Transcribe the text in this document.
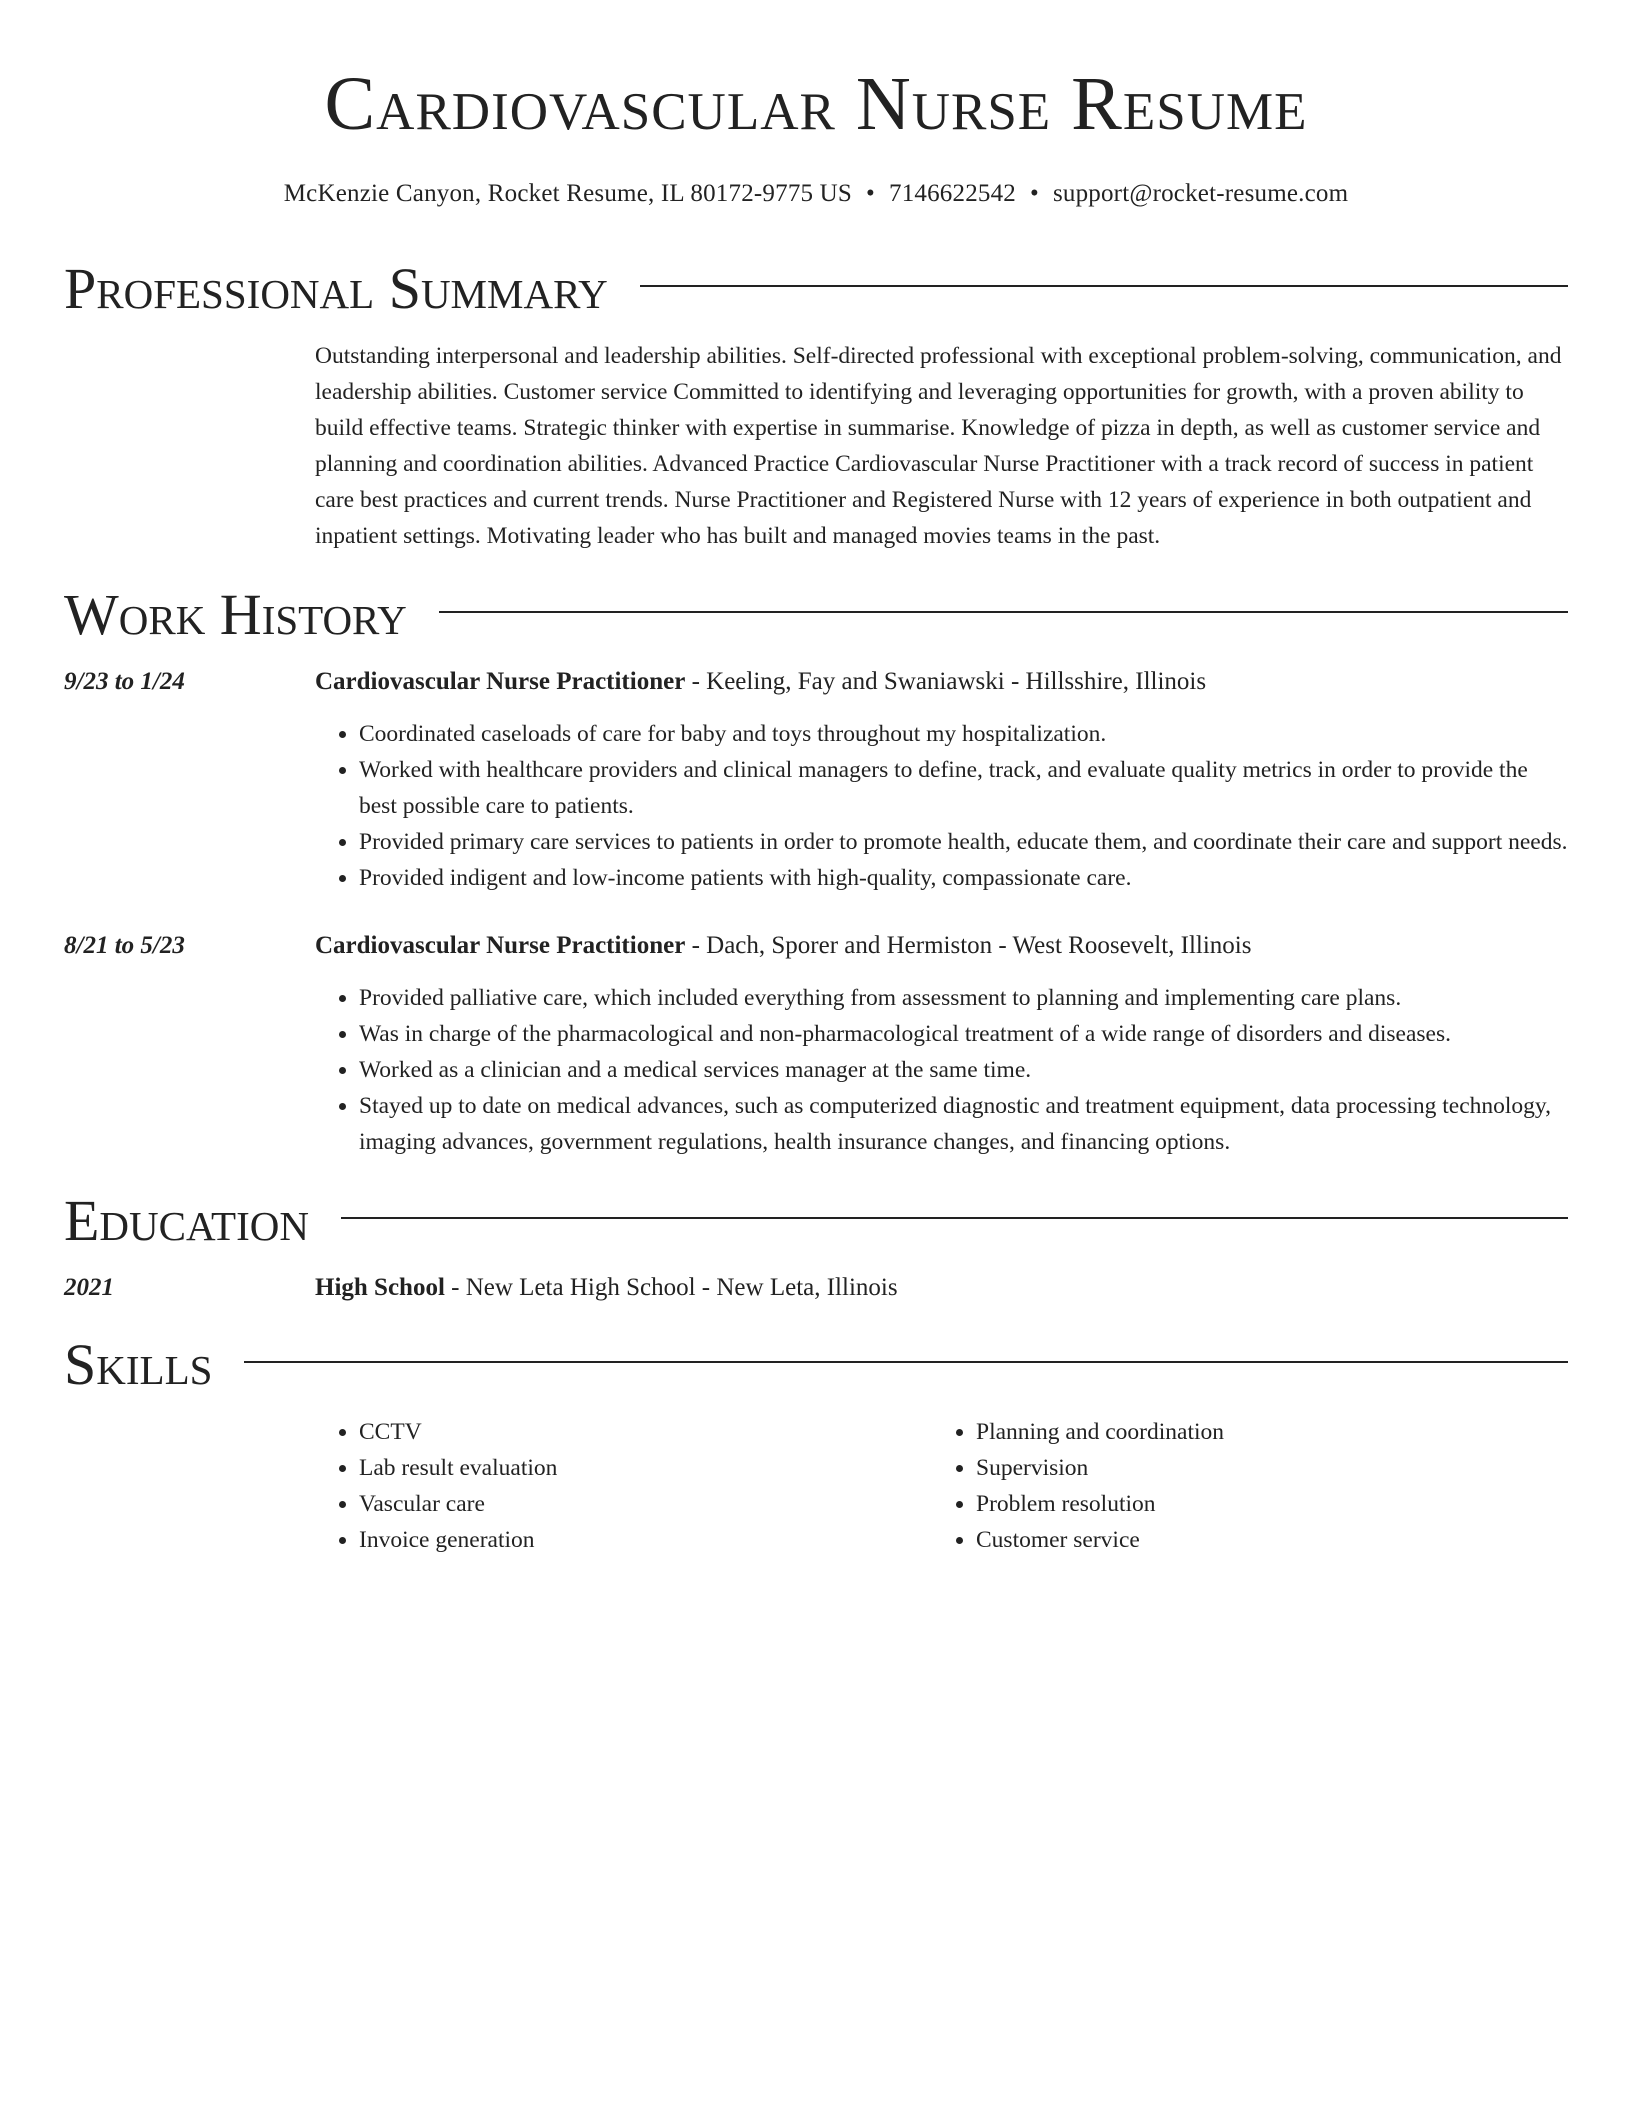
Cardiovascular Nurse Resume
McKenzie Canyon, Rocket Resume, IL 80172-9775 US • 7146622542 • support@rocket-resume.com
Professional Summary

Outstanding interpersonal and leadership abilities. Self-directed professional with exceptional problem-solving, communication, and leadership abilities. Customer service Committed to identifying and leveraging opportunities for growth, with a proven ability to build effective teams. Strategic thinker with expertise in summarise. Knowledge of pizza in depth, as well as customer service and planning and coordination abilities. Advanced Practice Cardiovascular Nurse Practitioner with a track record of success in patient care best practices and current trends. Nurse Practitioner and Registered Nurse with 12 years of experience in both outpatient and inpatient settings. Motivating leader who has built and managed movies teams in the past.

Work History
9/23 to 1/24	Cardiovascular Nurse Practitioner - Keeling, Fay and Swaniawski - Hillsshire, Illinois
• Coordinated caseloads of care for baby and toys throughout my hospitalization.
• Worked with healthcare providers and clinical managers to define, track, and evaluate quality metrics in order to provide the best possible care to patients.
• Provided primary care services to patients in order to promote health, educate them, and coordinate their care and support needs.
• Provided indigent and low-income patients with high-quality, compassionate care.
8/21 to 5/23	Cardiovascular Nurse Practitioner - Dach, Sporer and Hermiston - West Roosevelt, Illinois
• Provided palliative care, which included everything from assessment to planning and implementing care plans.
• Was in charge of the pharmacological and non-pharmacological treatment of a wide range of disorders and diseases.
• Worked as a clinician and a medical services manager at the same time.
• Stayed up to date on medical advances, such as computerized diagnostic and treatment equipment, data processing technology, imaging advances, government regulations, health insurance changes, and financing options.
Education
2021	High School - New Leta High School - New Leta, Illinois
Skills
• CCTV
• Lab result evaluation
• Vascular care
• Invoice generation
• Planning and coordination
• Supervision
• Problem resolution
• Customer service
